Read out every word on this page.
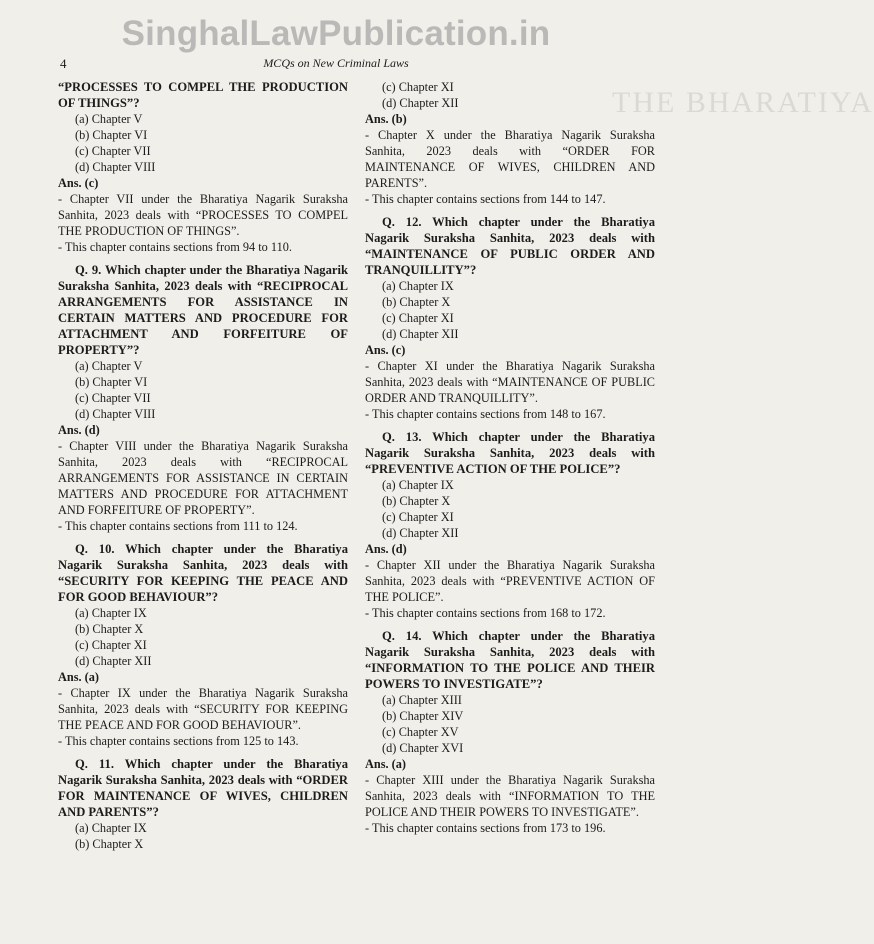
SinghalLawPublication.in
4	MCQs on New Criminal Laws
THE BHARATIYA
“PROCESSES TO COMPEL THE PRODUCTION OF THINGS”?
(a) Chapter V
(b) Chapter VI
(c) Chapter VII
(d) Chapter VIII
Ans. (c)
- Chapter VII under the Bharatiya Nagarik Suraksha Sanhita, 2023 deals with “PROCESSES TO COMPEL THE PRODUCTION OF THINGS”.
- This chapter contains sections from 94 to 110.
Q. 9. Which chapter under the Bharatiya Nagarik Suraksha Sanhita, 2023 deals with “RECIPROCAL ARRANGEMENTS FOR ASSISTANCE IN CERTAIN MATTERS AND PROCEDURE FOR ATTACHMENT AND FORFEITURE OF PROPERTY”?
(a) Chapter V
(b) Chapter VI
(c) Chapter VII
(d) Chapter VIII
Ans. (d)
- Chapter VIII under the Bharatiya Nagarik Suraksha Sanhita, 2023 deals with “RECIPROCAL ARRANGEMENTS FOR ASSISTANCE IN CERTAIN MATTERS AND PROCEDURE FOR ATTACHMENT AND FORFEITURE OF PROPERTY”.
- This chapter contains sections from 111 to 124.
Q. 10. Which chapter under the Bharatiya Nagarik Suraksha Sanhita, 2023 deals with “SECURITY FOR KEEPING THE PEACE AND FOR GOOD BEHAVIOUR”?
(a) Chapter IX
(b) Chapter X
(c) Chapter XI
(d) Chapter XII
Ans. (a)
- Chapter IX under the Bharatiya Nagarik Suraksha Sanhita, 2023 deals with “SECURITY FOR KEEPING THE PEACE AND FOR GOOD BEHAVIOUR”.
- This chapter contains sections from 125 to 143.
Q. 11. Which chapter under the Bharatiya Nagarik Suraksha Sanhita, 2023 deals with “ORDER FOR MAINTENANCE OF WIVES, CHILDREN AND PARENTS”?
(a) Chapter IX
(b) Chapter X
(c) Chapter XI
(d) Chapter XII
Ans. (b)
- Chapter X under the Bharatiya Nagarik Suraksha Sanhita, 2023 deals with “ORDER FOR MAINTENANCE OF WIVES, CHILDREN AND PARENTS”.
- This chapter contains sections from 144 to 147.
Q. 12. Which chapter under the Bharatiya Nagarik Suraksha Sanhita, 2023 deals with “MAINTENANCE OF PUBLIC ORDER AND TRANQUILLITY”?
(a) Chapter IX
(b) Chapter X
(c) Chapter XI
(d) Chapter XII
Ans. (c)
- Chapter XI under the Bharatiya Nagarik Suraksha Sanhita, 2023 deals with “MAINTENANCE OF PUBLIC ORDER AND TRANQUILLITY”.
- This chapter contains sections from 148 to 167.
Q. 13. Which chapter under the Bharatiya Nagarik Suraksha Sanhita, 2023 deals with “PREVENTIVE ACTION OF THE POLICE”?
(a) Chapter IX
(b) Chapter X
(c) Chapter XI
(d) Chapter XII
Ans. (d)
- Chapter XII under the Bharatiya Nagarik Suraksha Sanhita, 2023 deals with “PREVENTIVE ACTION OF THE POLICE”.
- This chapter contains sections from 168 to 172.
Q. 14. Which chapter under the Bharatiya Nagarik Suraksha Sanhita, 2023 deals with “INFORMATION TO THE POLICE AND THEIR POWERS TO INVESTIGATE”?
(a) Chapter XIII
(b) Chapter XIV
(c) Chapter XV
(d) Chapter XVI
Ans. (a)
- Chapter XIII under the Bharatiya Nagarik Suraksha Sanhita, 2023 deals with “INFORMATION TO THE POLICE AND THEIR POWERS TO INVESTIGATE”.
- This chapter contains sections from 173 to 196.
